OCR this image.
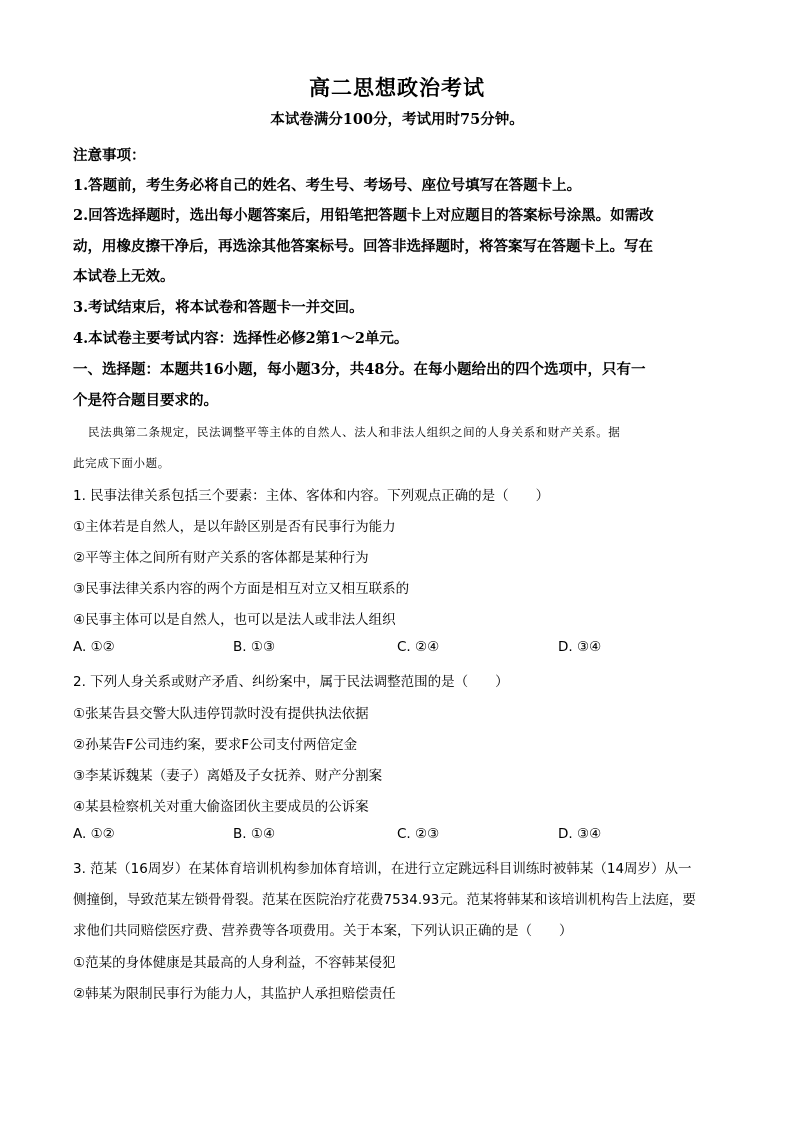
高二思想政治考试
本试卷满分100分，考试用时75分钟。
注意事项：
1.答题前，考生务必将自己的姓名、考生号、考场号、座位号填写在答题卡上。
2.回答选择题时，选出每小题答案后，用铅笔把答题卡上对应题目的答案标号涂黑。如需改
动，用橡皮擦干净后，再选涂其他答案标号。回答非选择题时，将答案写在答题卡上。写在
本试卷上无效。
3.考试结束后，将本试卷和答题卡一并交回。
4.本试卷主要考试内容：选择性必修2第1～2单元。
一、选择题：本题共16小题，每小题3分，共48分。在每小题给出的四个选项中，只有一
个是符合题目要求的。
民法典第二条规定，民法调整平等主体的自然人、法人和非法人组织之间的人身关系和财产关系。据
此完成下面小题。
1. 民事法律关系包括三个要素：主体、客体和内容。下列观点正确的是（　　）
①主体若是自然人，是以年龄区别是否有民事行为能力
②平等主体之间所有财产关系的客体都是某种行为
③民事法律关系内容的两个方面是相互对立又相互联系的
④民事主体可以是自然人，也可以是法人或非法人组织
A. ①②	B. ①③	C. ②④	D. ③④
2. 下列人身关系或财产矛盾、纠纷案中，属于民法调整范围的是（　　）
①张某告县交警大队违停罚款时没有提供执法依据
②孙某告F公司违约案，要求F公司支付两倍定金
③李某诉魏某（妻子）离婚及子女抚养、财产分割案
④某县检察机关对重大偷盗团伙主要成员的公诉案
A. ①②	B. ①④	C. ②③	D. ③④
3. 范某（16周岁）在某体育培训机构参加体育培训，在进行立定跳远科目训练时被韩某（14周岁）从一
侧撞倒，导致范某左锁骨骨裂。范某在医院治疗花费7534.93元。范某将韩某和该培训机构告上法庭，要
求他们共同赔偿医疗费、营养费等各项费用。关于本案，下列认识正确的是（　　）
①范某的身体健康是其最高的人身利益，不容韩某侵犯
②韩某为限制民事行为能力人，其监护人承担赔偿责任
